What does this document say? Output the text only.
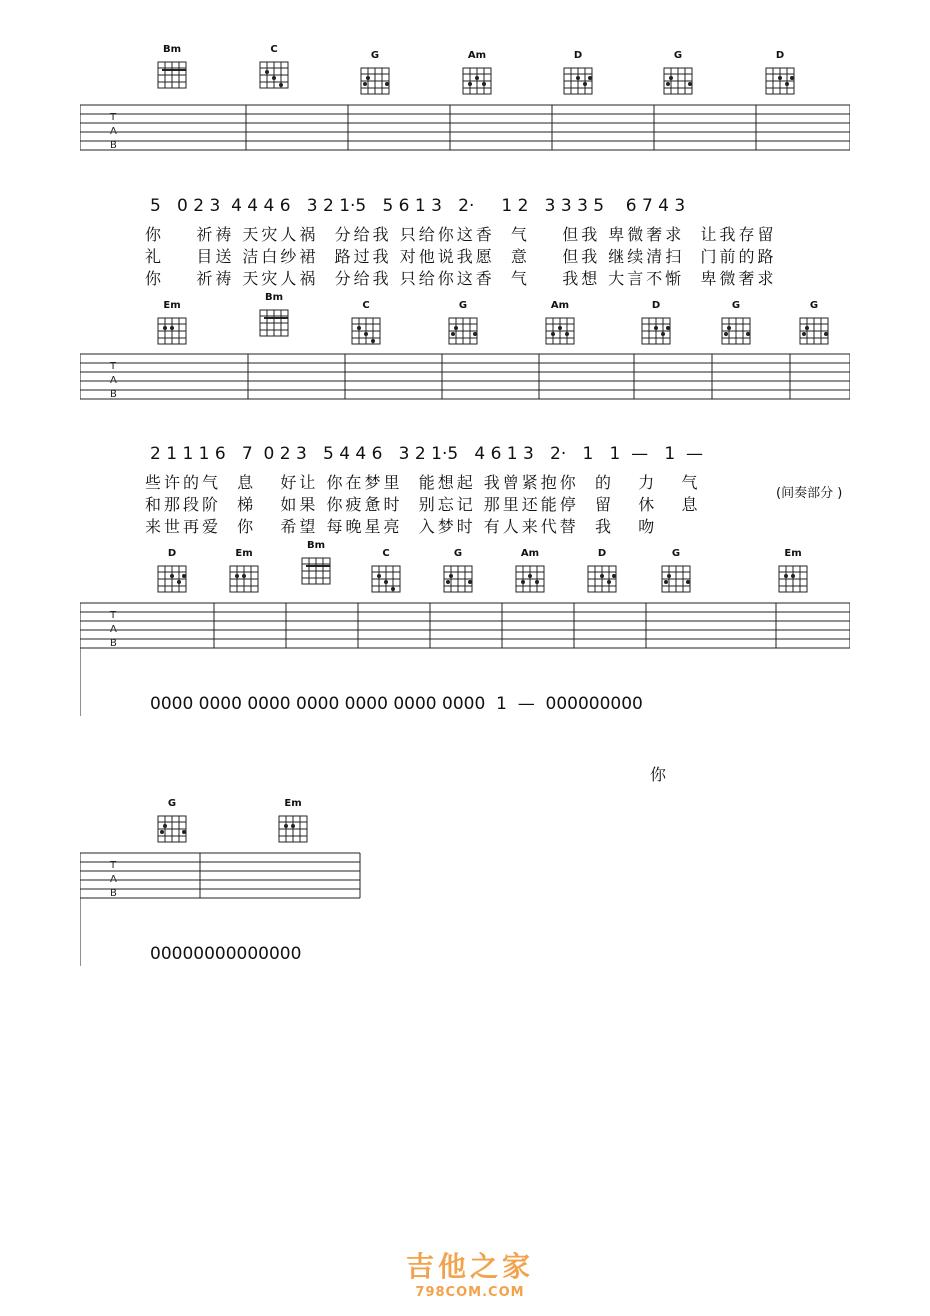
Bm	C
G	Am	D	G	D
T
A
B
5   0 2 3  4 4 4 6   3 2 1·5   5 6 1 3   2·     1 2   3 3 3 5    6 7 4 3
你    祈祷 天灾人祸  分给我 只给你这香  气    但我 卑微奢求  让我存留
礼    目送 洁白纱裙  路过我 对他说我愿  意    但我 继续清扫  门前的路
你    祈祷 天灾人祸  分给我 只给你这香  气    我想 大言不惭  卑微奢求
Em
Bm
C	G	Am	D	G	G
T
A
B
2 1 1 1 6   7  0 2 3   5 4 4 6   3 2 1·5   4 6 1 3   2·   1   1  —   1  —
些许的气  息   好让 你在梦里  能想起 我曾紧抱你  的   力   气
和那段阶  梯   如果 你疲惫时  别忘记 那里还能停  留   休   息
来世再爱  你   希望 每晚星亮  入梦时 有人来代替  我   吻
(间奏部分 )
D	Em
Bm
C	G	Am	D	G	Em
T
A
B
0000 0000 0000 0000 0000 0000 0000  1  —  000000000
你
G	Em
T
A
B
00000000000000
吉他之家
798COM.COM
